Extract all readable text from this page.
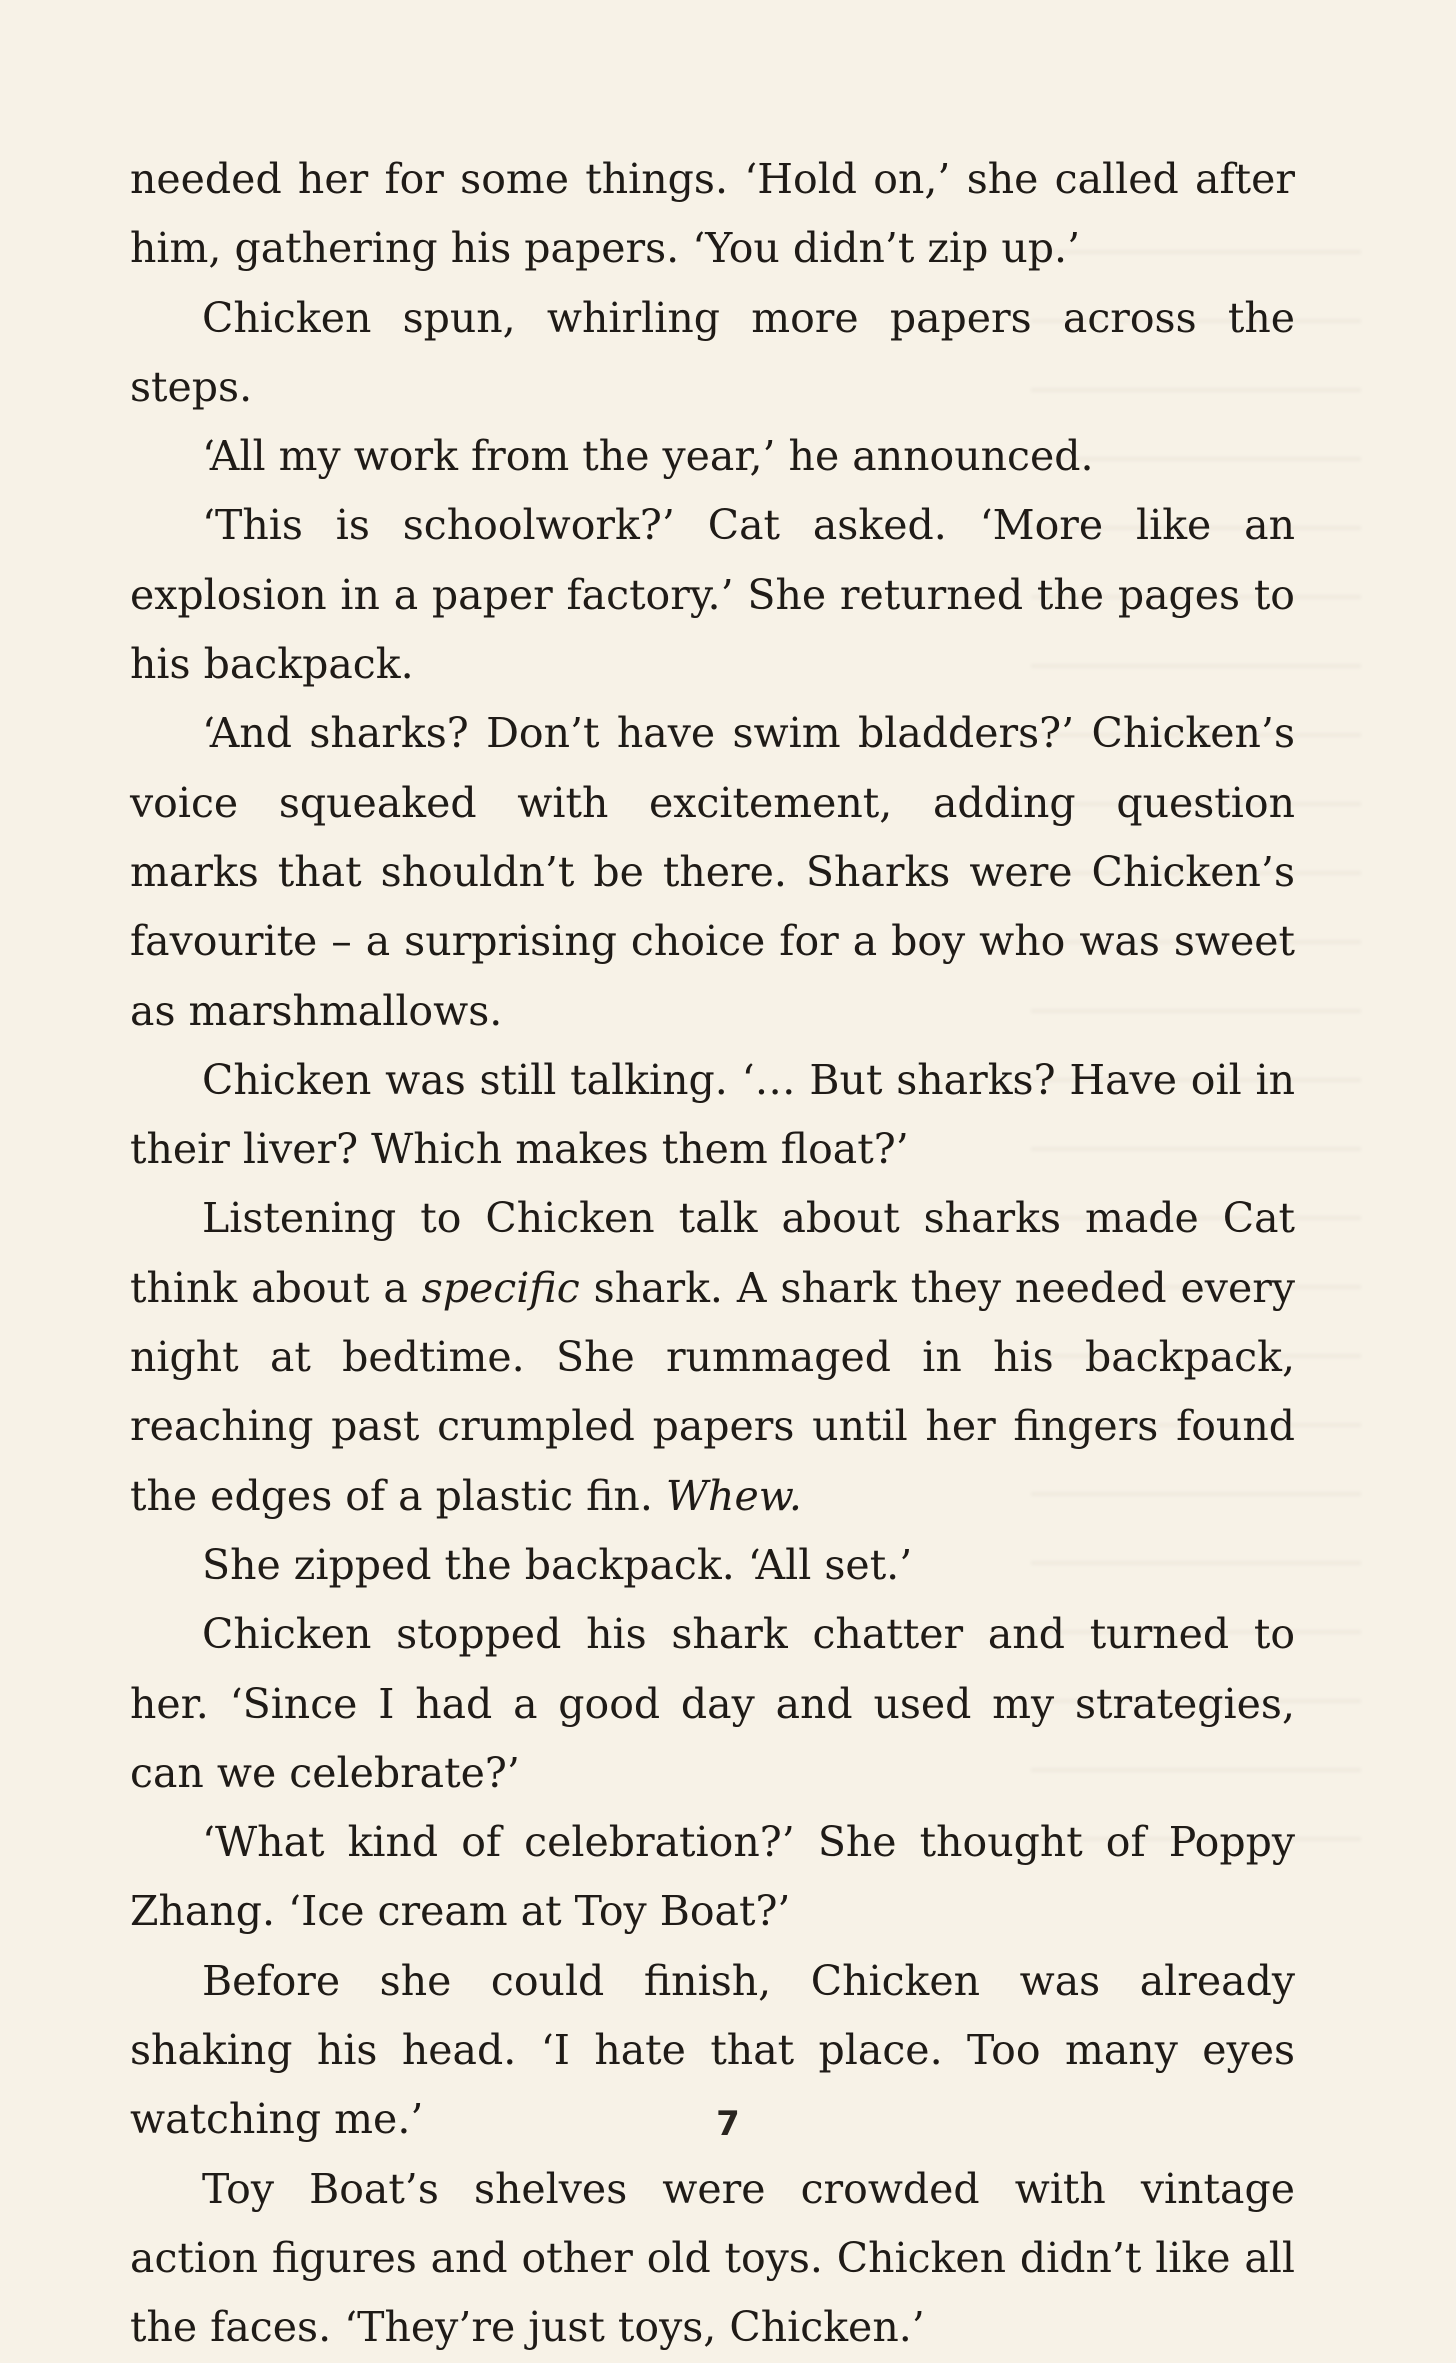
needed her for some things. ‘Hold on,’ she called after him, gathering his papers. ‘You didn’t zip up.’

Chicken spun, whirling more papers across the steps.

‘All my work from the year,’ he announced.

‘This is schoolwork?’ Cat asked. ‘More like an explosion in a paper factory.’ She returned the pages to his backpack.

‘And sharks? Don’t have swim bladders?’ Chicken’s voice squeaked with excitement, adding question marks that shouldn’t be there. Sharks were Chicken’s favourite – a surprising choice for a boy who was sweet as marshmallows.

Chicken was still talking. ‘… But sharks? Have oil in their liver? Which makes them float?’

Listening to Chicken talk about sharks made Cat think about a specific shark. A shark they needed every night at bedtime. She rummaged in his backpack, reaching past crumpled papers until her fingers found the edges of a plastic fin. Whew.

She zipped the backpack. ‘All set.’

Chicken stopped his shark chatter and turned to her. ‘Since I had a good day and used my strategies, can we celebrate?’

‘What kind of celebration?’ She thought of Poppy Zhang. ‘Ice cream at Toy Boat?’

Before she could finish, Chicken was already shaking his head. ‘I hate that place. Too many eyes watching me.’

Toy Boat’s shelves were crowded with vintage action figures and other old toys. Chicken didn’t like all the faces. ‘They’re just toys, Chicken.’

7
